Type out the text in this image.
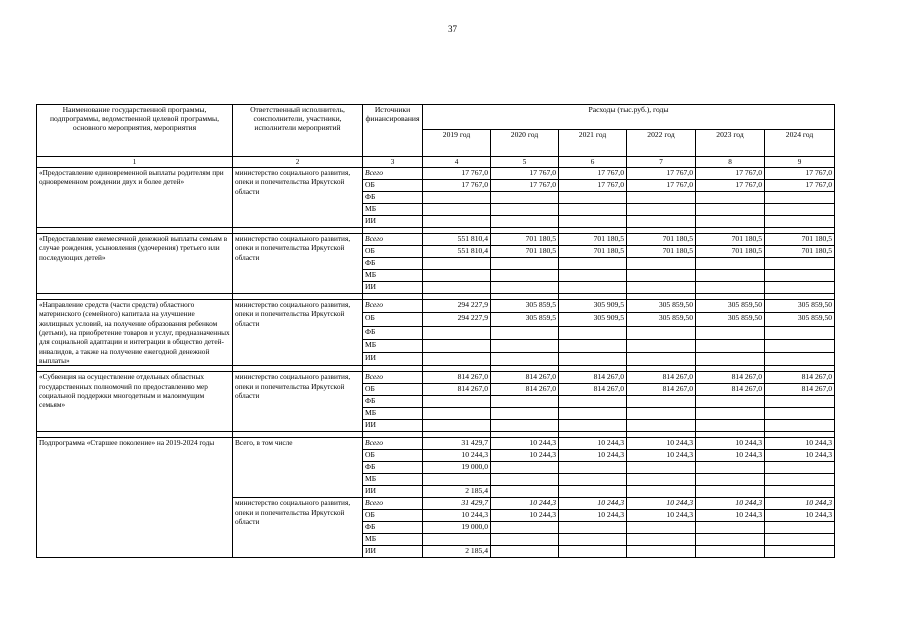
37
Наименование государственной программы, подпрограммы, ведомственной целевой программы, основного мероприятия, мероприятия	Ответственный исполнитель, соисполнители, участники, исполнители мероприятий	Источники финансирования	Расходы (тыс.руб.), годы					
			2019 год	2020 год	2021 год	2022 год	2023 год	2024 год
1	2	3	4	5	6	7	8	9
«Предоставление единовременной выплаты родителям при одновременном рождении двух и более детей»	министерство социального развития, опеки и попечительства Иркутской области	Всего	17 767,0	17 767,0	17 767,0	17 767,0	17 767,0	17 767,0
		ОБ	17 767,0	17 767,0	17 767,0	17 767,0	17 767,0	17 767,0
		ФБ						
		МБ						
		ИИ						

«Предоставление ежемесячной денежной выплаты семьям в случае рождения, усыновления (удочерения) третьего или последующих детей»	министерство социального развития, опеки и попечительства Иркутской области	Всего	551 810,4	701 180,5	701 180,5	701 180,5	701 180,5	701 180,5
		ОБ	551 810,4	701 180,5	701 180,5	701 180,5	701 180,5	701 180,5
		ФБ						
		МБ						
		ИИ						

«Направление средств (части средств) областного материнского (семейного) капитала на улучшение жилищных условий, на получение образования ребенком (детьми), на приобретение товаров и услуг, предназначенных для социальной адаптации и интеграции в общество детей-инвалидов, а также на получение ежегодной денежной выплаты»	министерство социального развития, опеки и попечительства Иркутской области	Всего	294 227,9	305 859,5	305 909,5	305 859,50	305 859,50	305 859,50
		ОБ	294 227,9	305 859,5	305 909,5	305 859,50	305 859,50	305 859,50
		ФБ						
		МБ						
		ИИ						

«Субвенция на осуществление отдельных областных государственных полномочий по предоставлению мер социальной поддержки многодетным и малоимущим семьям»	министерство социального развития, опеки и попечительства Иркутской области	Всего	814 267,0	814 267,0	814 267,0	814 267,0	814 267,0	814 267,0
		ОБ	814 267,0	814 267,0	814 267,0	814 267,0	814 267,0	814 267,0
		ФБ						
		МБ						
		ИИ						

Подпрограмма «Старшее поколение» на 2019-2024 годы	Всего, в том числе	Всего	31 429,7	10 244,3	10 244,3	10 244,3	10 244,3	10 244,3
		ОБ	10 244,3	10 244,3	10 244,3	10 244,3	10 244,3	10 244,3
		ФБ	19 000,0					
		МБ						
		ИИ	2 185,4					
	министерство социального развития, опеки и попечительства Иркутской области	Всего	31 429,7	10 244,3	10 244,3	10 244,3	10 244,3	10 244,3
		ОБ	10 244,3	10 244,3	10 244,3	10 244,3	10 244,3	10 244,3
		ФБ	19 000,0					
		МБ						
		ИИ	2 185,4					
